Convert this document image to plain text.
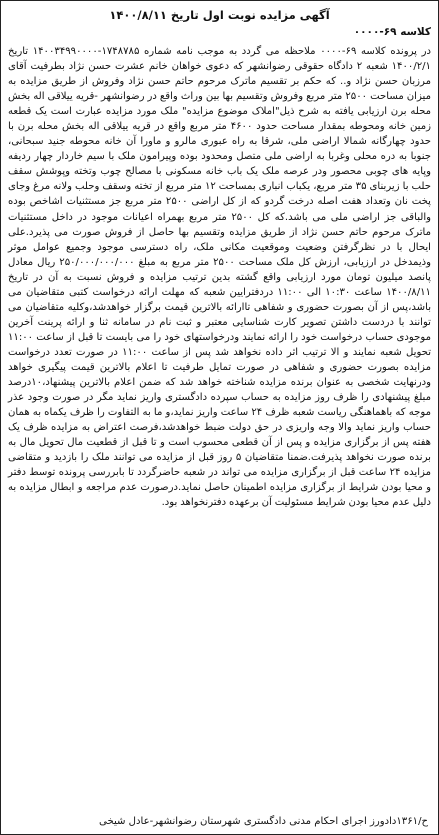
آگهی مزایده نوبت اول تاریخ ۱۴۰۰/۸/۱۱
کلاسه ۶۹-۰۰۰۰

در پرونده کلاسه ۶۹-۰۰۰۰ ملاحظه می گردد به موجب نامه شماره ۱۷۴۸۷۸۵-۱۴۰۰۳۴۹۹۰۰۰۰ تاریخ ۱۴۰۰/۲/۱ شعبه ۲ دادگاه حقوقی رضوانشهر که دعوی خواهان خانم عشرت حسن نژاد بطرفیت آقای مرزبان حسن نژاد و.. که حکم بر تقسیم ماترک مرحوم حاتم حسن نژاد وفروش از طریق مزایده به میزان مساحت ۲۵۰۰ متر مربع وفروش وتقسیم بها بین وراث واقع در رضوانشهر -قریه ییلاقی اله بخش محله برن ارزیابی یافته به شرح ذیل"املاک موضوع مزایده" ملک مورد مزایده عبارت است یک قطعه زمین خانه ومحوطه بمقدار مساحت حدود ۴۶۰۰ متر مربع واقع در قریه ییلاقی اله بخش محله برن با حدود چهارگانه شمالا اراضی ملی، شرقا به راه عبوری مالرو و ماورا آن خانه محوطه جنید سبحانی، جنوبا به دره محلی وغربا به اراضی ملی متصل ومحدود بوده وپیرامون ملک با سیم خاردار چهار ردیفه وپایه های چوبی محصور ودر عرصه ملک یک باب خانه مسکونی با مصالح چوب وتخته وپوشش سقف حلب با زیربنای ۳۵ متر مربع، یکباب انباری بمساحت ۱۲ متر مربع از تخته وسقف وحلب ولانه مرغ وجای پخت نان وتعداد هفت اصله درخت گردو که از کل اراضی ۲۵۰۰ متر مربع جز مستثنیات اشاخص بوده والباقی جز اراضی ملی می باشد.که کل ۲۵۰۰ متر مربع بهمراه اعیانات موجود در داخل مستثنیات ماترک مرحوم حاتم حسن نژاد از طریق مزایده وتقسیم بها حاصل از فروش صورت می پذیرد.علی ایحال با در نظرگرفتن وضعیت وموقعیت مکانی ملک، راه دسترسی موجود وجمیع عوامل موثر وذیمدخل در ارزیابی، ارزش کل ملک مساحت ۲۵۰۰ متر مربع به مبلغ ۲۵۰/۰۰۰/۰۰۰/۰۰۰ ریال معادل پانصد میلیون تومان مورد ارزیابی واقع گشته بدین ترتیب مزایده و فروش نسبت به آن در تاریخ ۱۴۰۰/۸/۱۱ ساعت ۱۰:۳۰ الی ۱۱:۰۰ دردفترایین شعبه که مهلت ارائه درخواست کتبی متقاضیان می باشد،پس از آن بصورت حضوری و شفاهی تاارائه بالاترین قیمت برگزار خواهدشد،وکلیه متقاضیان می توانند با دردست داشتن تصویر کارت شناسایی معتبر و ثبت نام در سامانه ثنا و ارائه پرینت آخرین موجودی حساب درخواست خود را ارائه نمایند ودرخواستهای خود را می بایست تا قبل از ساعت ۱۱:۰۰ تحویل شعبه نمایند و الا ترتیب اثر داده نخواهد شد پس از ساعت ۱۱:۰۰ در صورت تعدد درخواست مزایده بصورت حضوری و شفاهی در صورت تمایل طرفیت تا اعلام بالاترین قیمت پیگیری خواهد ودرنهایت شخصی به عنوان برنده مزایده شناخته خواهد شد که ضمن اعلام بالاترین پیشنهاد،۱۰درصد مبلغ پیشنهادی را ظرف روز مزایده به حساب سپرده دادگستری واریز نماید مگر در صورت وجود عذر موجه که باهماهنگی ریاست شعبه ظرف ۲۴ ساعت واریز نماید،و ما به التفاوت را ظرف یکماه به همان حساب واریز نماید والا وجه واریزی در حق دولت ضبط خواهدشد،فرصت اعتراض به مزایده ظرف یک هفته پس از برگزاری مزایده و پس از آن قطعی محسوب است و تا قبل از قطعیت مال تحویل مال به برنده صورت نخواهد پذیرفت.ضمنا متقاضیان ۵ روز قبل از مزایده می توانند ملک را بازدید و متقاضی مزایده ۲۴ ساعت قبل از برگزاری مزایده می تواند در شعبه حاضرگردد تا بابررسی پرونده توسط دفتر و محیا بودن شرایط از برگزاری مزایده اطمینان حاصل نماید.درصورت عدم مراجعه و ابطال مزایده به دلیل عدم محیا بودن شرایط مسئولیت آن برعهده دفترنخواهد بود.

ح/۱۳۶۱دادورز اجرای احکام مدنی دادگستری شهرستان رضوانشهر-عادل شیخی
